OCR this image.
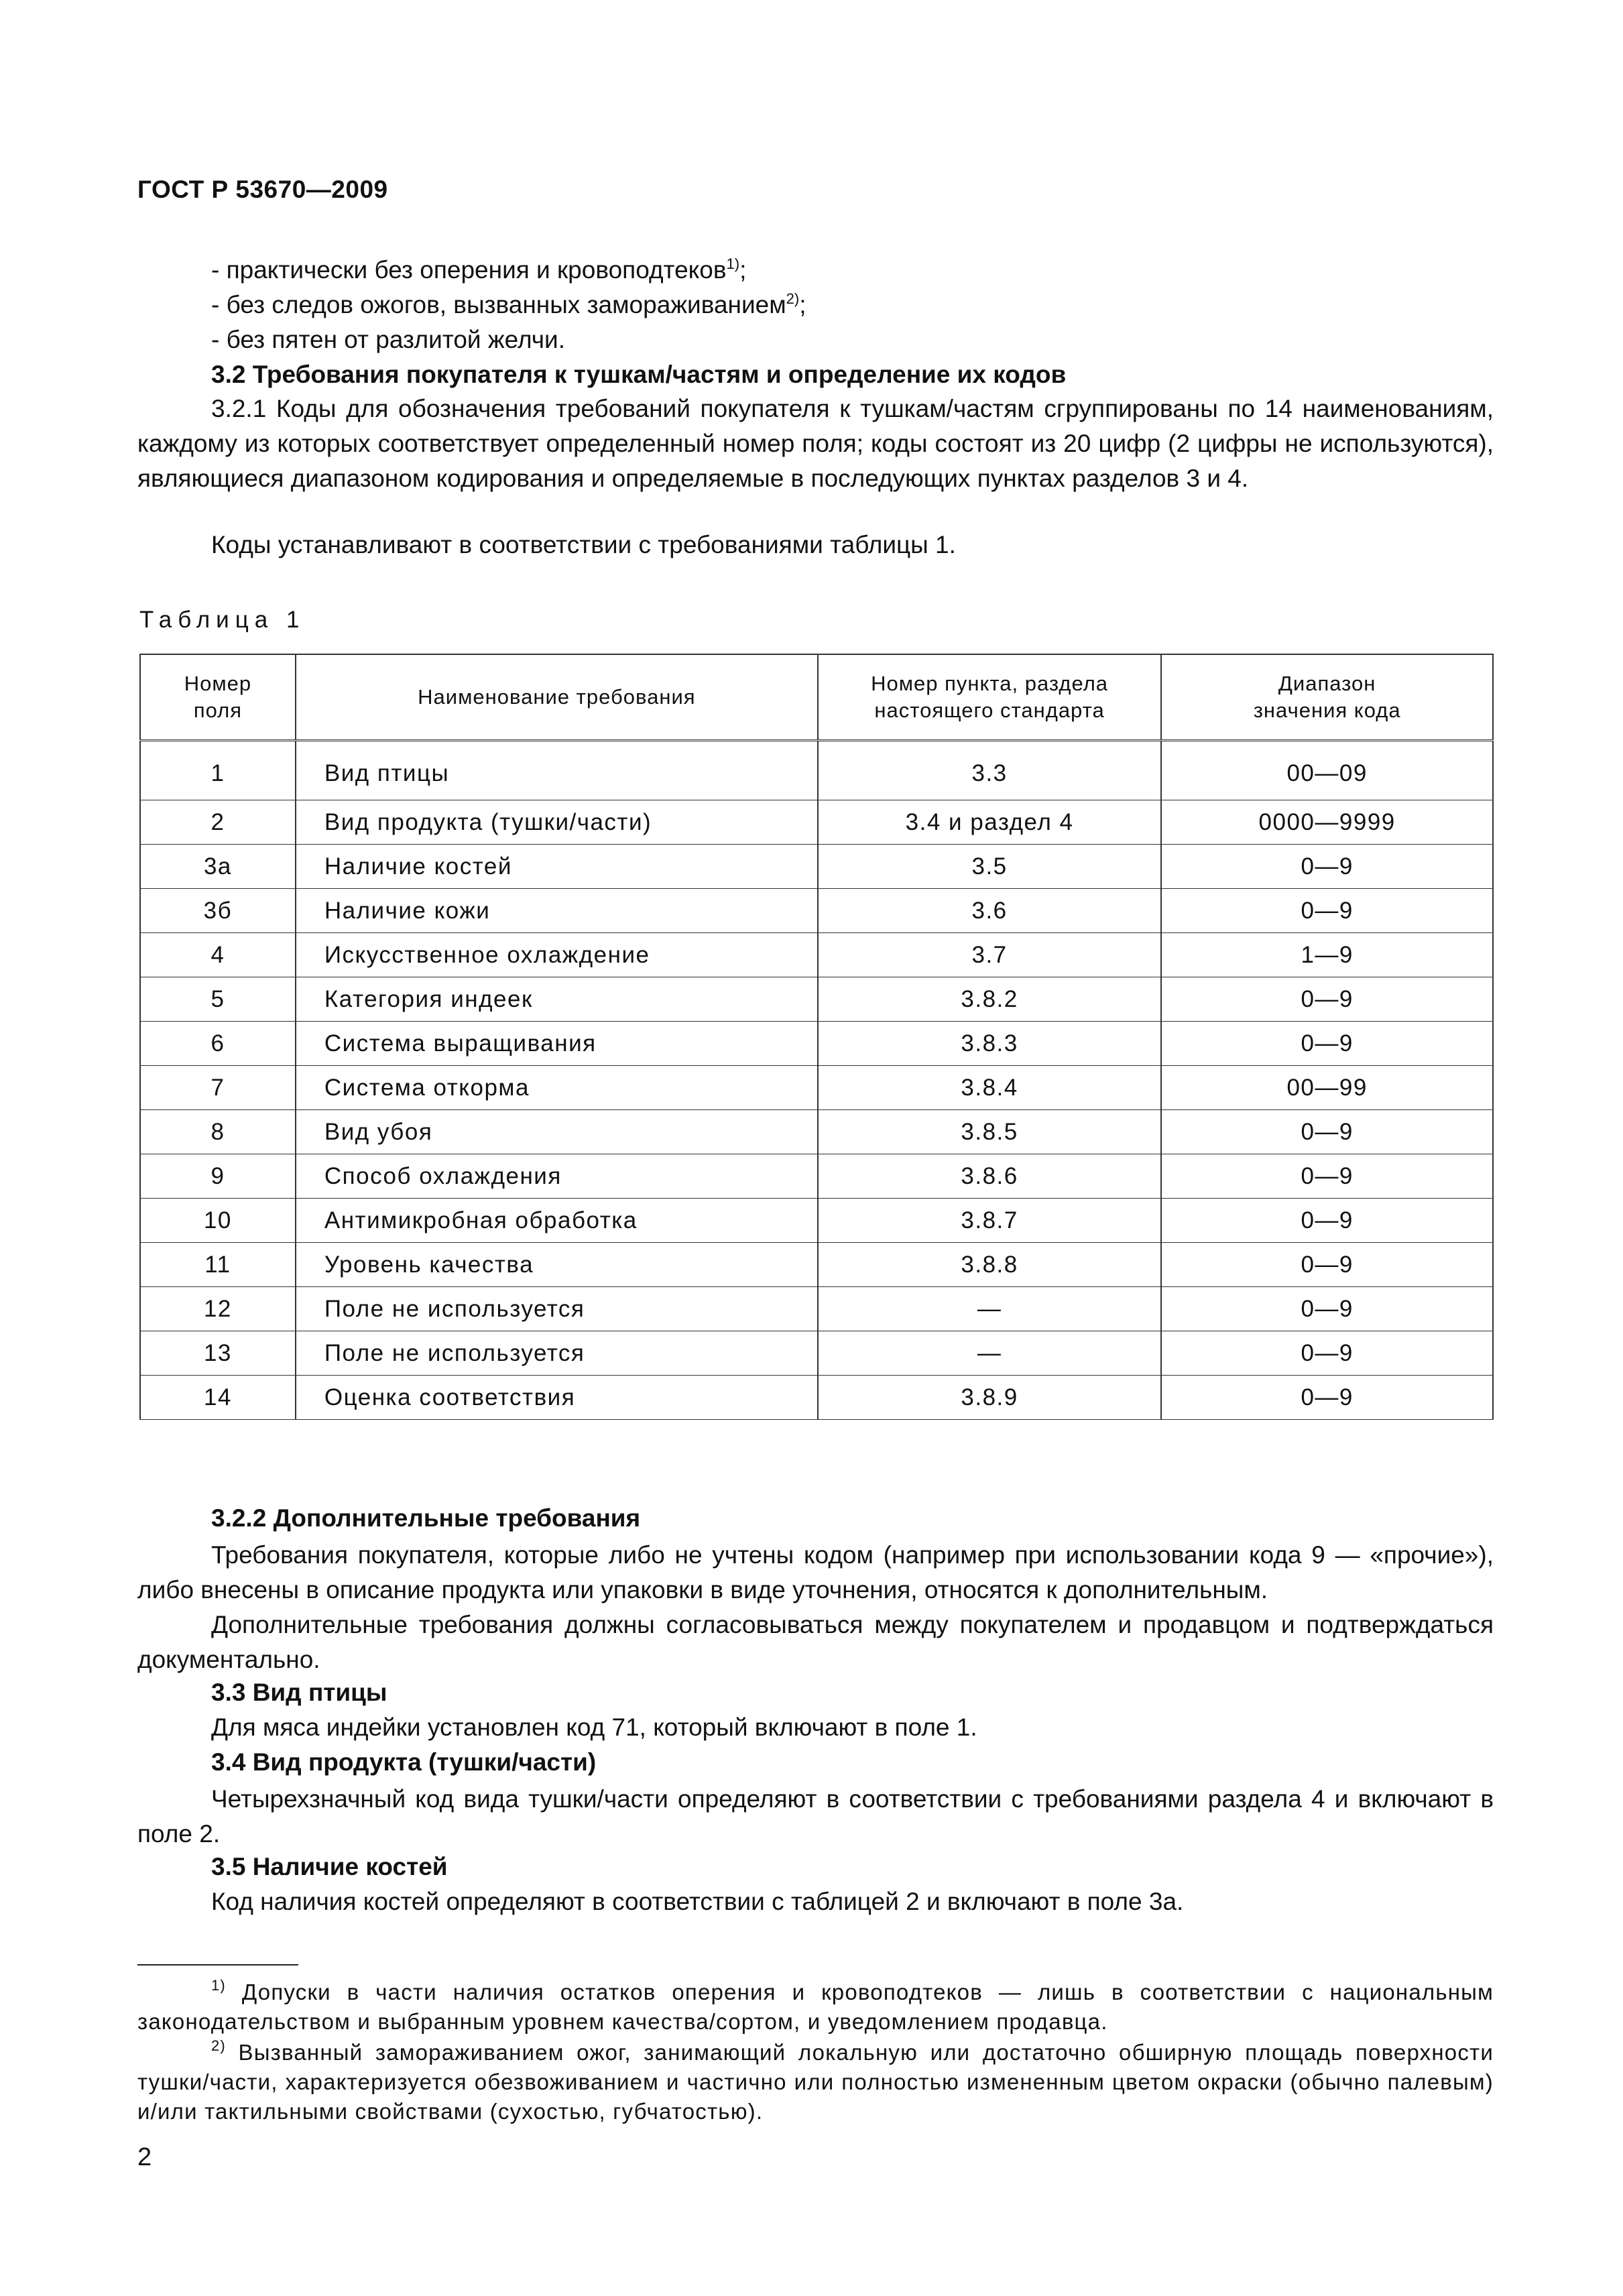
ГОСТ Р 53670—2009
- практически без оперения и кровоподтеков$^{1)}$;
- без следов ожогов, вызванных замораживанием$^{2)}$;
- без пятен от разлитой желчи.
3.2 Требования покупателя к тушкам/частям и определение их кодов
3.2.1 Коды для обозначения требований покупателя к тушкам/частям сгруппированы по 14 наименованиям, каждому из которых соответствует определенный номер поля; коды состоят из 20 цифр (2 цифры не используются), являющиеся диапазоном кодирования и определяемые в последующих пунктах разделов 3 и 4.
Коды устанавливают в соответствии с требованиями таблицы 1.
Таблица 1
Номер поля	Наименование требования	Номер пункта, раздела настоящего стандарта	Диапазон значения кода
1	Вид птицы	3.3	00—09
2	Вид продукта (тушки/части)	3.4 и раздел 4	0000—9999
3а	Наличие костей	3.5	0—9
3б	Наличие кожи	3.6	0—9
4	Искусственное охлаждение	3.7	1—9
5	Категория индеек	3.8.2	0—9
6	Система выращивания	3.8.3	0—9
7	Система откорма	3.8.4	00—99
8	Вид убоя	3.8.5	0—9
9	Способ охлаждения	3.8.6	0—9
10	Антимикробная обработка	3.8.7	0—9
11	Уровень качества	3.8.8	0—9
12	Поле не используется	—	0—9
13	Поле не используется	—	0—9
14	Оценка соответствия	3.8.9	0—9
3.2.2 Дополнительные требования
Требования покупателя, которые либо не учтены кодом (например при использовании кода 9 — «прочие»), либо внесены в описание продукта или упаковки в виде уточнения, относятся к дополнительным.
Дополнительные требования должны согласовываться между покупателем и продавцом и подтверждаться документально.
3.3 Вид птицы
Для мяса индейки установлен код 71, который включают в поле 1.
3.4 Вид продукта (тушки/части)
Четырехзначный код вида тушки/части определяют в соответствии с требованиями раздела 4 и включают в поле 2.
3.5 Наличие костей
Код наличия костей определяют в соответствии с таблицей 2 и включают в поле 3а.
$^{1)}$ Допуски в части наличия остатков оперения и кровоподтеков — лишь в соответствии с национальным законодательством и выбранным уровнем качества/сортом, и уведомлением продавца.
$^{2)}$ Вызванный замораживанием ожог, занимающий локальную или достаточно обширную площадь поверхности тушки/части, характеризуется обезвоживанием и частично или полностью измененным цветом окраски (обычно палевым) и/или тактильными свойствами (сухостью, губчатостью).
2
